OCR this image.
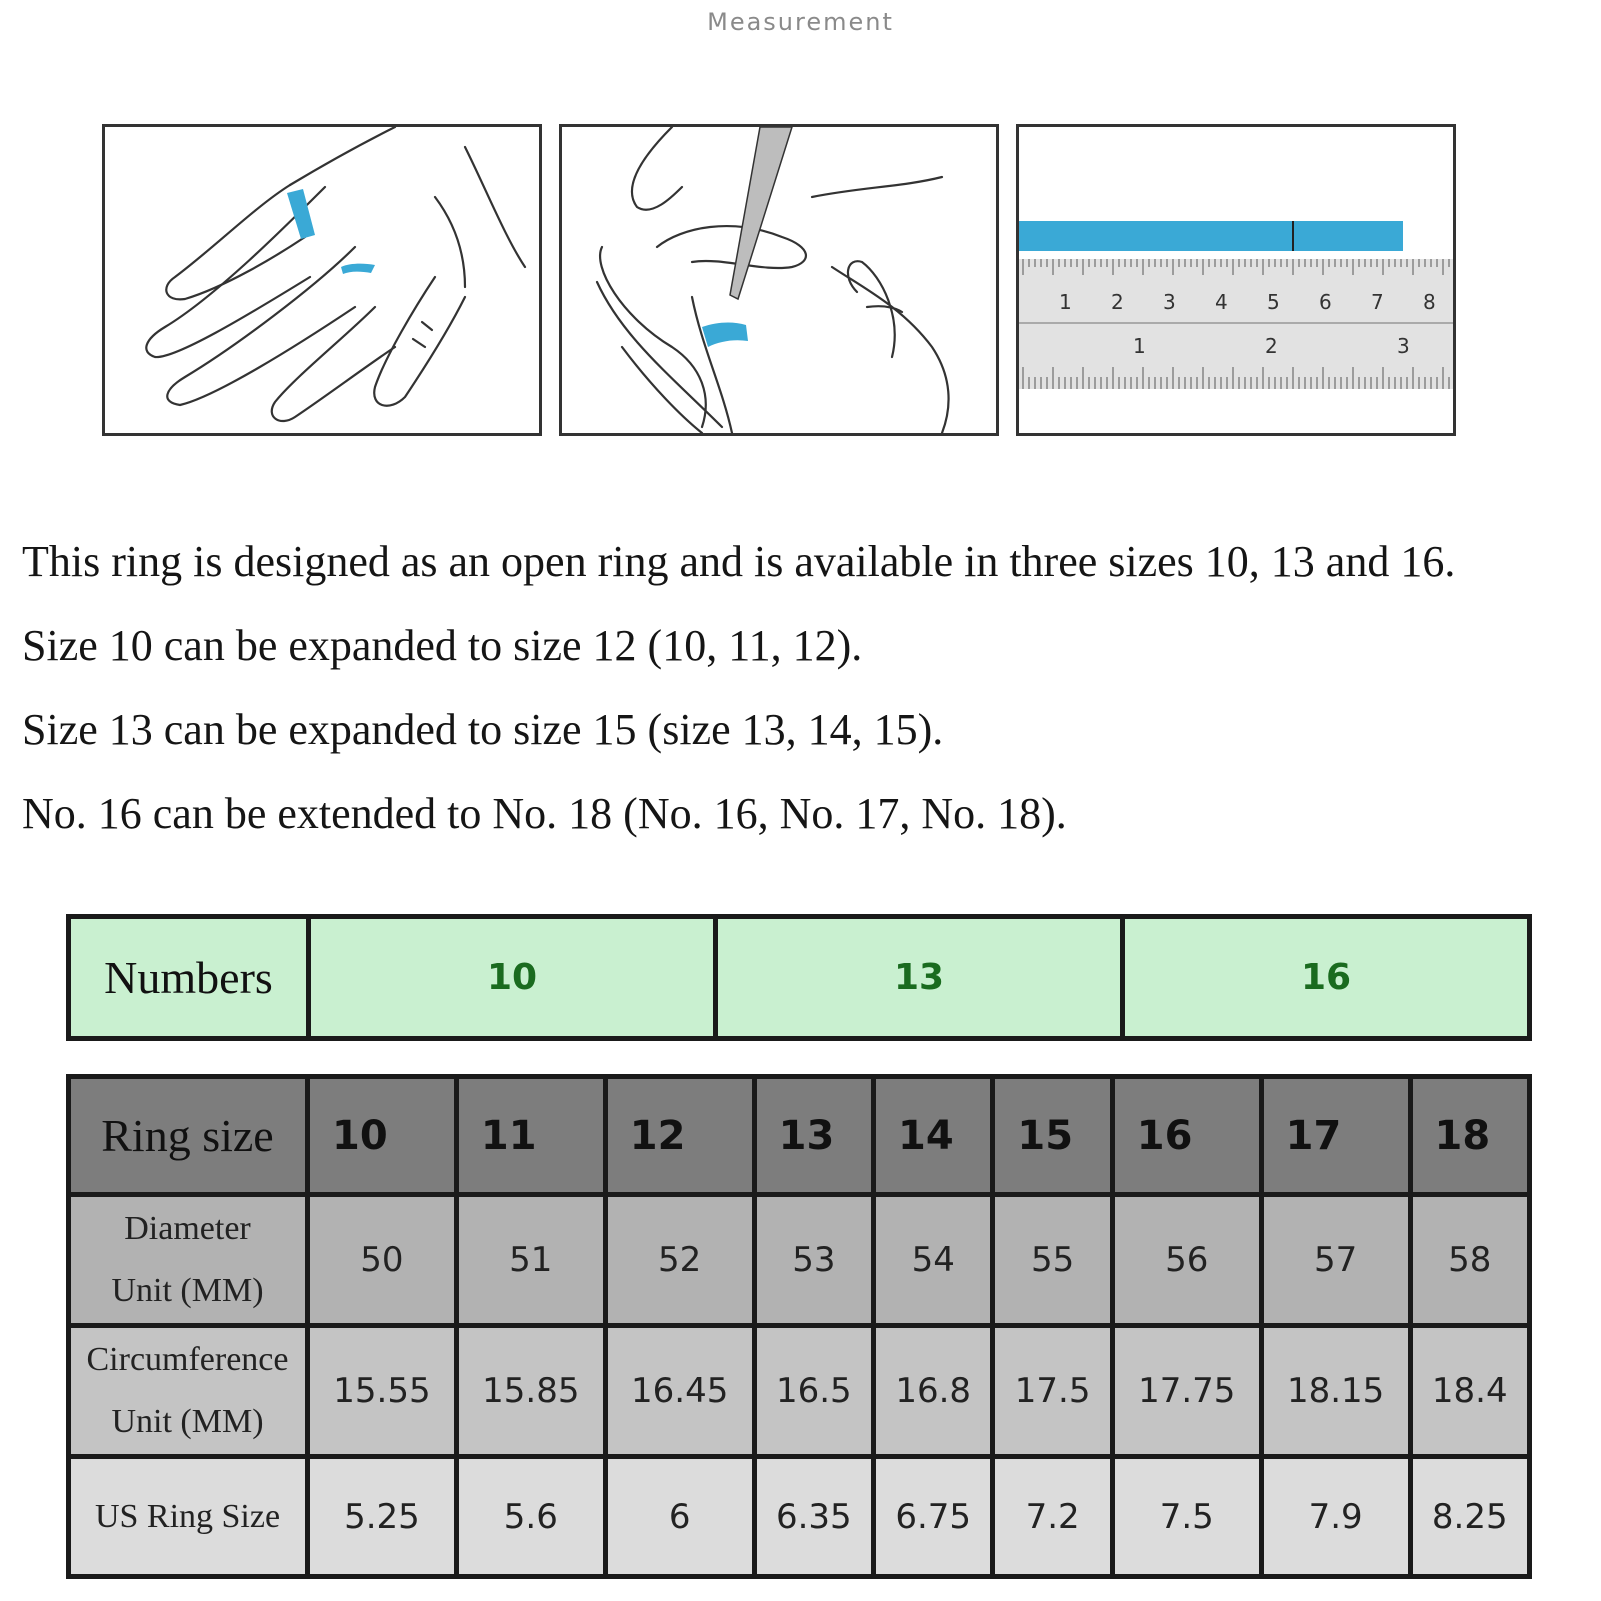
Measurement
1 2 3 4 5 6 7 8
1	2	3

This ring is designed as an open ring and is available in three sizes 10, 13 and 16.

Size 10 can be expanded to size 12 (10, 11, 12).

Size 13 can be expanded to size 15 (size 13, 14, 15).

No. 16 can be extended to No. 18 (No. 16, No. 17, No. 18).

Numbers	10	13	16
Ring size	10	11	12	13	14	15	16	17	18

Diameter
Unit (MM)	50	51	52	53	54	55	56	57	58

Circumference
Unit (MM)	15.55	15.85	16.45	16.5	16.8	17.5	17.75	18.15	18.4
US Ring Size	5.25	5.6	6	6.35	6.75	7.2	7.5	7.9	8.25
